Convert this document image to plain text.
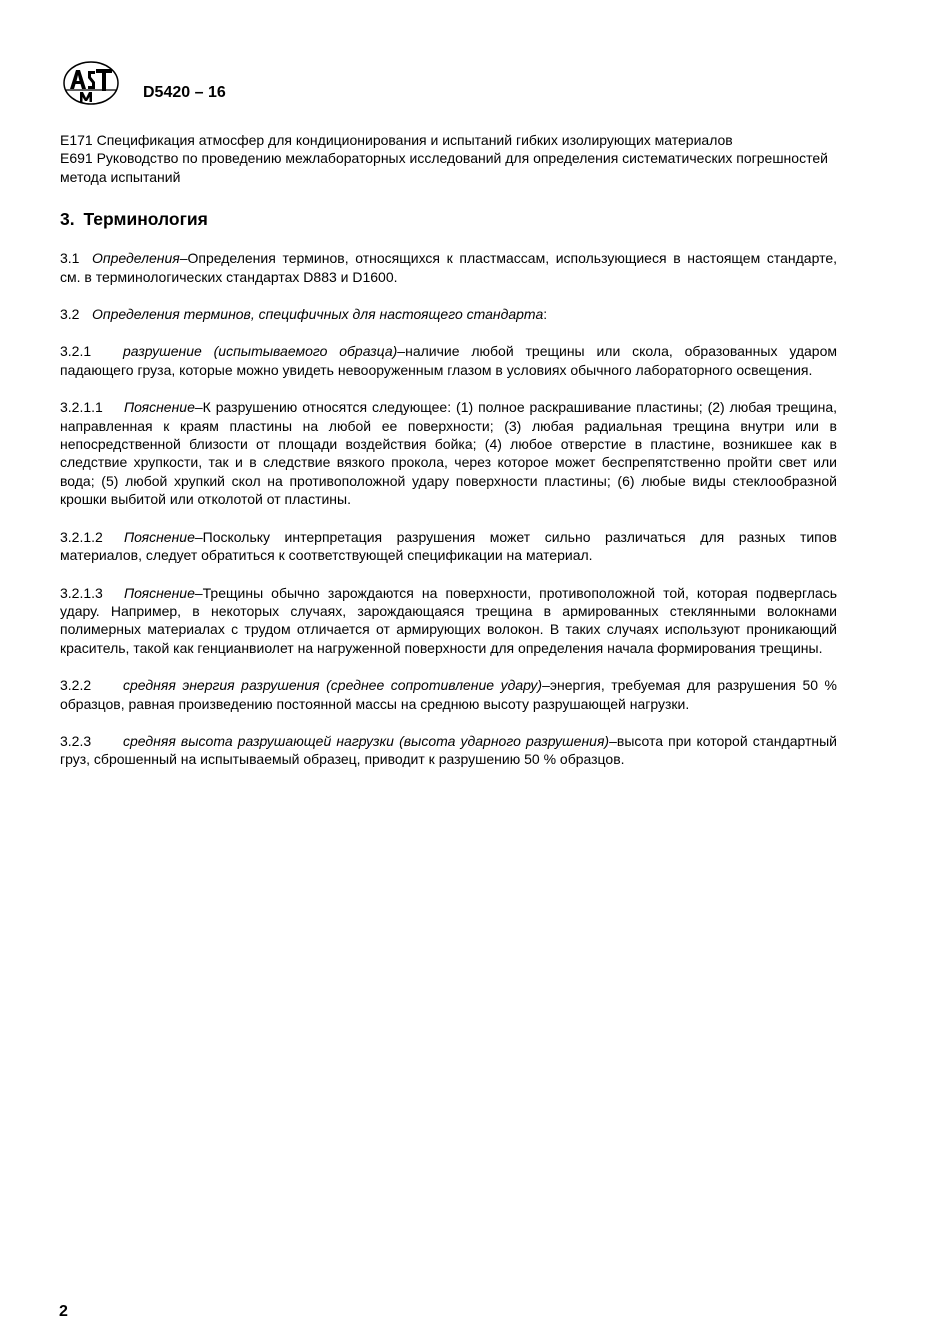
D5420 – 16

E171 Спецификация атмосфер для кондиционирования и испытаний гибких изолирующих материалов

E691 Руководство по проведению межлабораторных исследований для определения систематических погрешностей метода испытаний

3. Терминология

3.1 Определения–Определения терминов, относящихся к пластмассам, использующиеся в настоящем стандарте, см. в терминологических стандартах D883 и D1600.

3.2 Определения терминов, специфичных для настоящего стандарта:

3.2.1 разрушение (испытываемого образца)–наличие любой трещины или скола, образованных ударом падающего груза, которые можно увидеть невооруженным глазом в условиях обычного лабораторного освещения.

3.2.1.1 Пояснение–К разрушению относятся следующее: (1) полное раскрашивание пластины; (2) любая трещина, направленная к краям пластины на любой ее поверхности; (3) любая радиальная трещина внутри или в непосредственной близости от площади воздействия бойка; (4) любое отверстие в пластине, возникшее как в следствие хрупкости, так и в следствие вязкого прокола, через которое может беспрепятственно пройти свет или вода; (5) любой хрупкий скол на противоположной удару поверхности пластины; (6) любые виды стеклообразной крошки выбитой или отколотой от пластины.

3.2.1.2 Пояснение–Поскольку интерпретация разрушения может сильно различаться для разных типов материалов, следует обратиться к соответствующей спецификации на материал.

3.2.1.3 Пояснение–Трещины обычно зарождаются на поверхности, противоположной той, которая подверглась удару. Например, в некоторых случаях, зарождающаяся трещина в армированных стеклянными волокнами полимерных материалах с трудом отличается от армирующих волокон. В таких случаях используют проникающий краситель, такой как генцианвиолет на нагруженной поверхности для определения начала формирования трещины.

3.2.2 средняя энергия разрушения (среднее сопротивление удару)–энергия, требуемая для разрушения 50 % образцов, равная произведению постоянной массы на среднюю высоту разрушающей нагрузки.

3.2.3 средняя высота разрушающей нагрузки (высота ударного разрушения)–высота при которой стандартный груз, сброшенный на испытываемый образец, приводит к разрушению 50 % образцов.

2
